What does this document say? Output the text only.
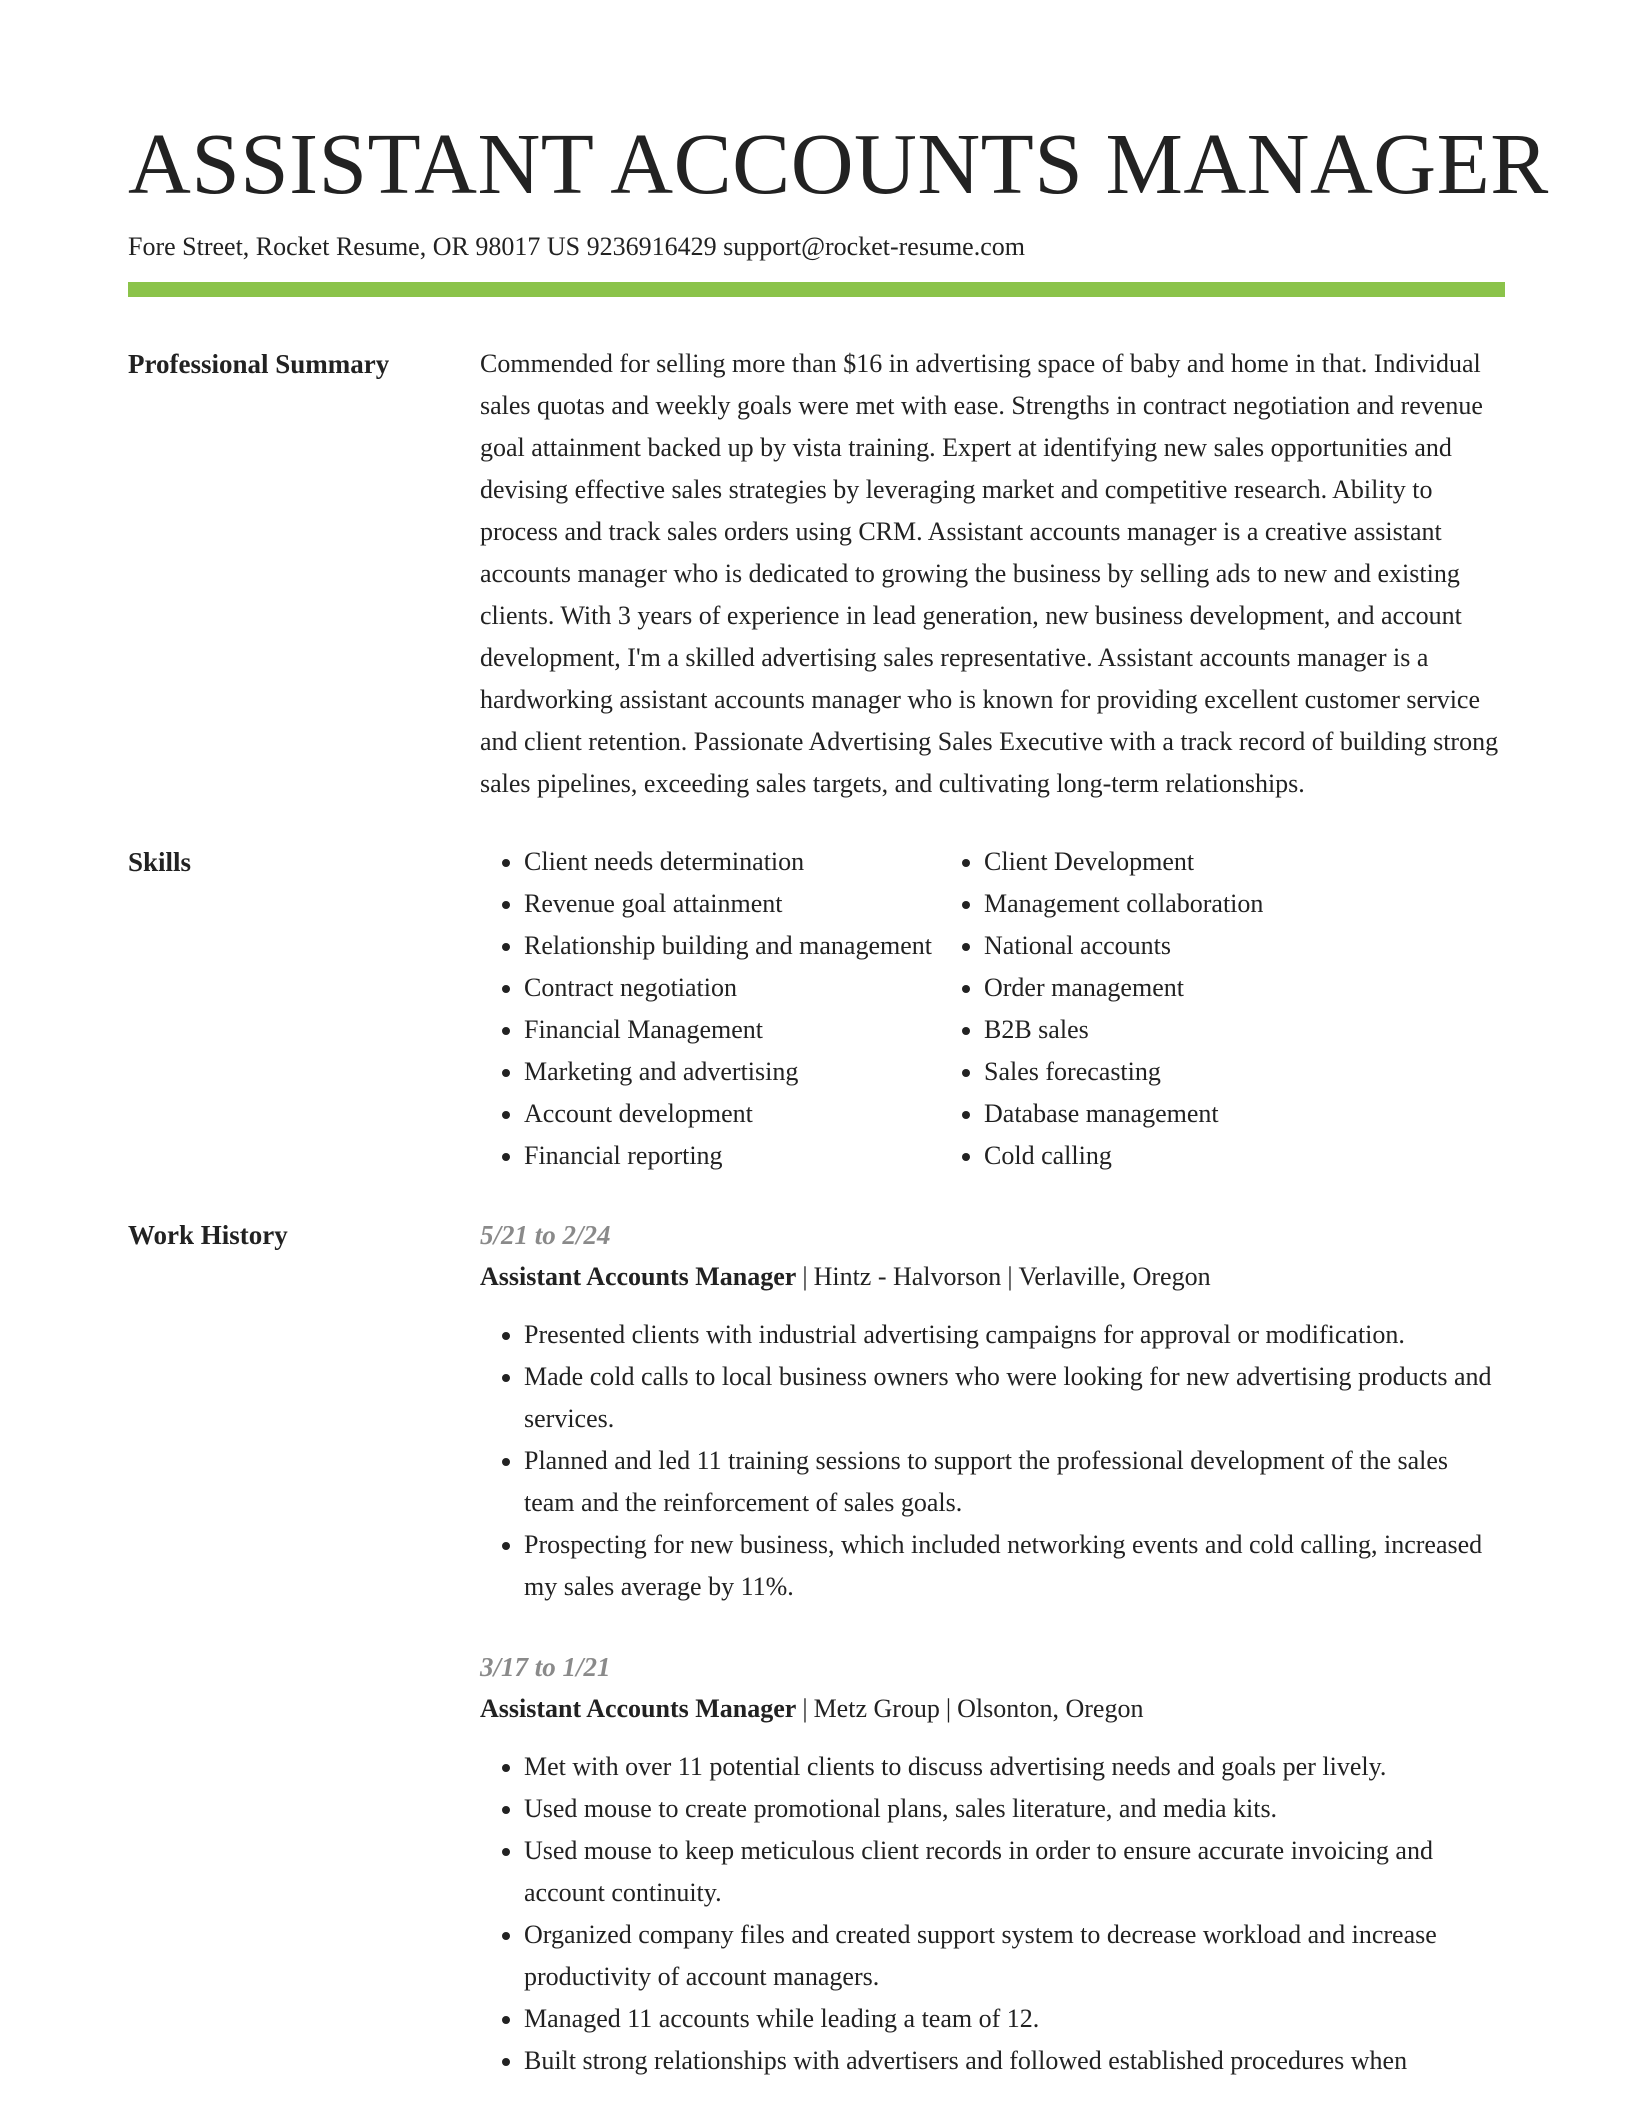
ASSISTANT ACCOUNTS MANAGER
Fore Street, Rocket Resume, OR 98017 US 9236916429 support@rocket-resume.com
Professional Summary	Commended for selling more than $16 in advertising space of baby and home in that. Individual sales quotas and weekly goals were met with ease. Strengths in contract negotiation and revenue goal attainment backed up by vista training. Expert at identifying new sales opportunities and devising effective sales strategies by leveraging market and competitive research. Ability to process and track sales orders using CRM. Assistant accounts manager is a creative assistant accounts manager who is dedicated to growing the business by selling ads to new and existing clients. With 3 years of experience in lead generation, new business development, and account development, I'm a skilled advertising sales representative. Assistant accounts manager is a hardworking assistant accounts manager who is known for providing excellent customer service and client retention. Passionate Advertising Sales Executive with a track record of building strong sales pipelines, exceeding sales targets, and cultivating long-term relationships.

Skills
•	Client needs determination
• Revenue goal attainment
• Relationship building and management
• Contract negotiation
• Financial Management
• Marketing and advertising
• Account development
• Financial reporting
• Client Development
• Management collaboration
• National accounts
• Order management
• B2B sales
• Sales forecasting
• Database management
• Cold calling
Work History	5/21 to 2/24
Assistant Accounts Manager | Hintz - Halvorson | Verlaville, Oregon
• Presented clients with industrial advertising campaigns for approval or modification.
• Made cold calls to local business owners who were looking for new advertising products and services.
• Planned and led 11 training sessions to support the professional development of the sales team and the reinforcement of sales goals.
• Prospecting for new business, which included networking events and cold calling, increased my sales average by 11%.
3/17 to 1/21
Assistant Accounts Manager | Metz Group | Olsonton, Oregon
• Met with over 11 potential clients to discuss advertising needs and goals per lively.
• Used mouse to create promotional plans, sales literature, and media kits.
• Used mouse to keep meticulous client records in order to ensure accurate invoicing and account continuity.
• Organized company files and created support system to decrease workload and increase productivity of account managers.
• Managed 11 accounts while leading a team of 12.
• Built strong relationships with advertisers and followed established procedures when
